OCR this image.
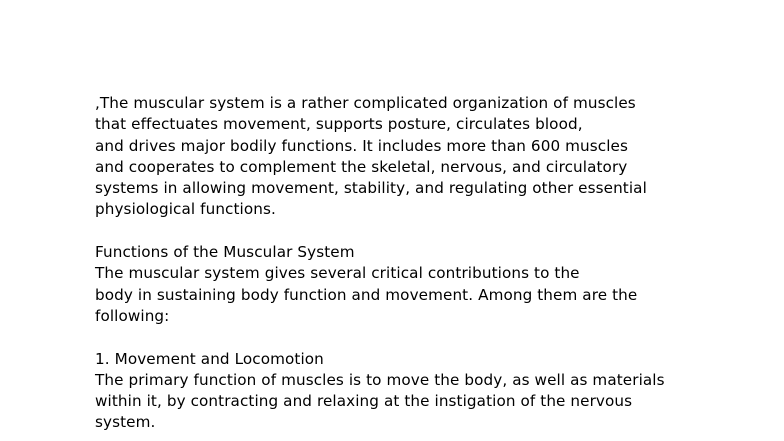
,The muscular system is a rather complicated organization of muscles
that effectuates movement, supports posture, circulates blood,
and drives major bodily functions. It includes more than 600 muscles
and cooperates to complement the skeletal, nervous, and circulatory
systems in allowing movement, stability, and regulating other essential
physiological functions.
Functions of the Muscular System
The muscular system gives several critical contributions to the
body in sustaining body function and movement. Among them are the
following:
1. Movement and Locomotion
The primary function of muscles is to move the body, as well as materials
within it, by contracting and relaxing at the instigation of the nervous
system.
